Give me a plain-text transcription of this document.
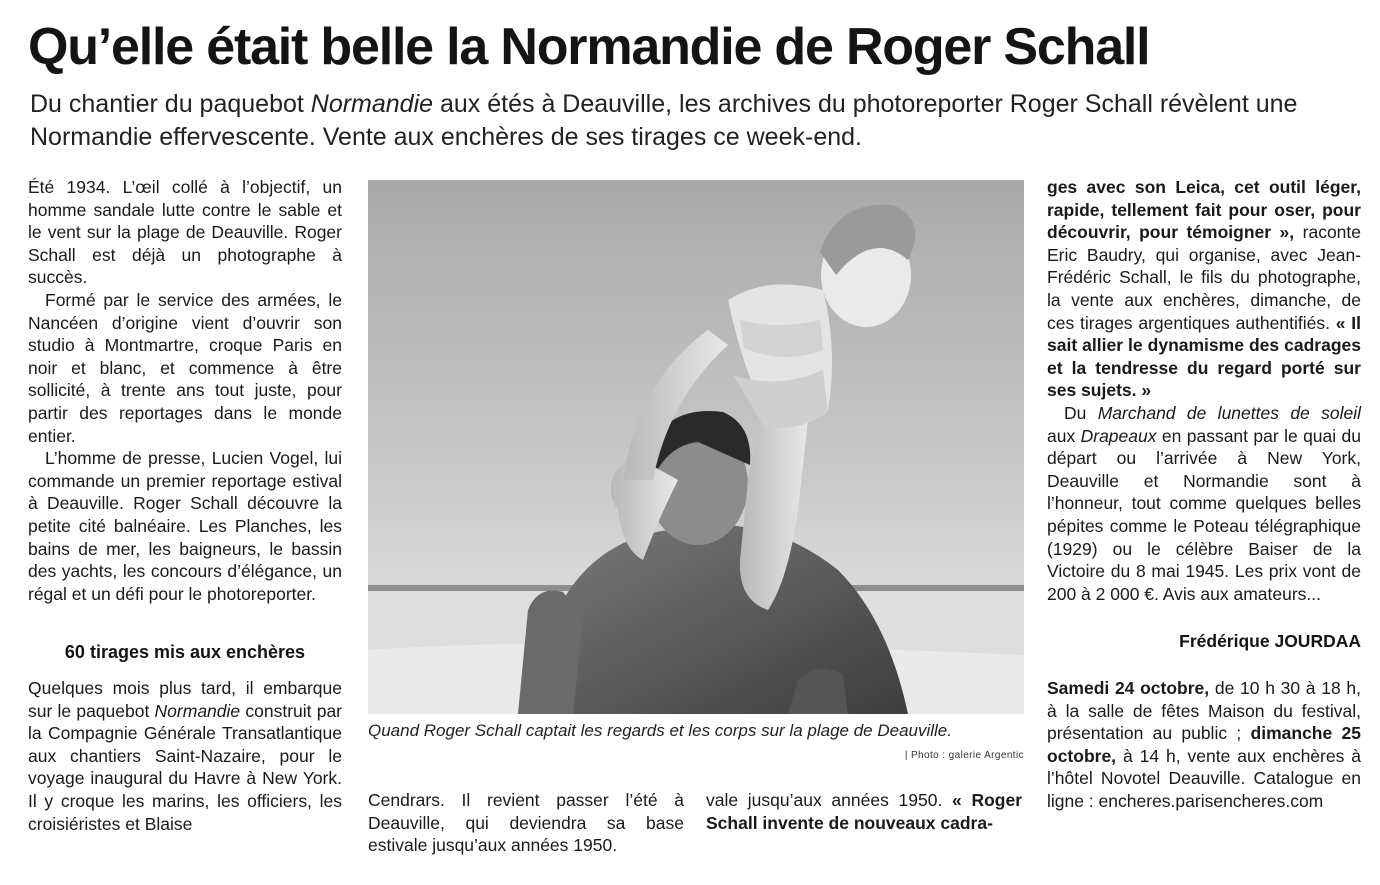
Qu’elle était belle la Normandie de Roger Schall

Du chantier du paquebot Normandie aux étés à Deauville, les archives du photoreporter Roger Schall révèlent une Normandie effervescente. Vente aux enchères de ses tirages ce week-end.

Été 1934. L’œil collé à l’objectif, un homme sandale lutte contre le sable et le vent sur la plage de Deauville. Roger Schall est déjà un photographe à succès.

Formé par le service des armées, le Nancéen d’origine vient d’ouvrir son studio à Montmartre, croque Paris en noir et blanc, et commence à être sollicité, à trente ans tout juste, pour partir des reportages dans le monde entier.

L’homme de presse, Lucien Vogel, lui commande un premier reportage estival à Deauville. Roger Schall découvre la petite cité balnéaire. Les Planches, les bains de mer, les baigneurs, le bassin des yachts, les concours d’élégance, un régal et un défi pour le photoreporter.

60 tirages mis aux enchères

Quelques mois plus tard, il embarque sur le paquebot Normandie construit par la Compagnie Générale Transatlantique aux chantiers Saint-Nazaire, pour le voyage inaugural du Havre à New York. Il y croque les marins, les officiers, les croisiéristes et Blaise

Quand Roger Schall captait les regards et les corps sur la plage de Deauville.
| Photo : galerie Argentic

Cendrars. Il revient passer l’été à Deauville, qui deviendra sa base estivale jusqu’aux années 1950.

vale jusqu’aux années 1950. « Roger Schall invente de nouveaux cadra-

ges avec son Leica, cet outil léger, rapide, tellement fait pour oser, pour découvrir, pour témoigner », raconte Eric Baudry, qui organise, avec Jean-Frédéric Schall, le fils du photographe, la vente aux enchères, dimanche, de ces tirages argentiques authentifiés. « Il sait allier le dynamisme des cadrages et la tendresse du regard porté sur ses sujets. »

Du Marchand de lunettes de soleil aux Drapeaux en passant par le quai du départ ou l’arrivée à New York, Deauville et Normandie sont à l’honneur, tout comme quelques belles pépites comme le Poteau télégraphique (1929) ou le célèbre Baiser de la Victoire du 8 mai 1945. Les prix vont de 200 à 2 000 €. Avis aux amateurs...

Frédérique JOURDAA

Samedi 24 octobre, de 10 h 30 à 18 h, à la salle de fêtes Maison du festival, présentation au public ; dimanche 25 octobre, à 14 h, vente aux enchères à l’hôtel Novotel Deauville. Catalogue en ligne : encheres.parisencheres.com
